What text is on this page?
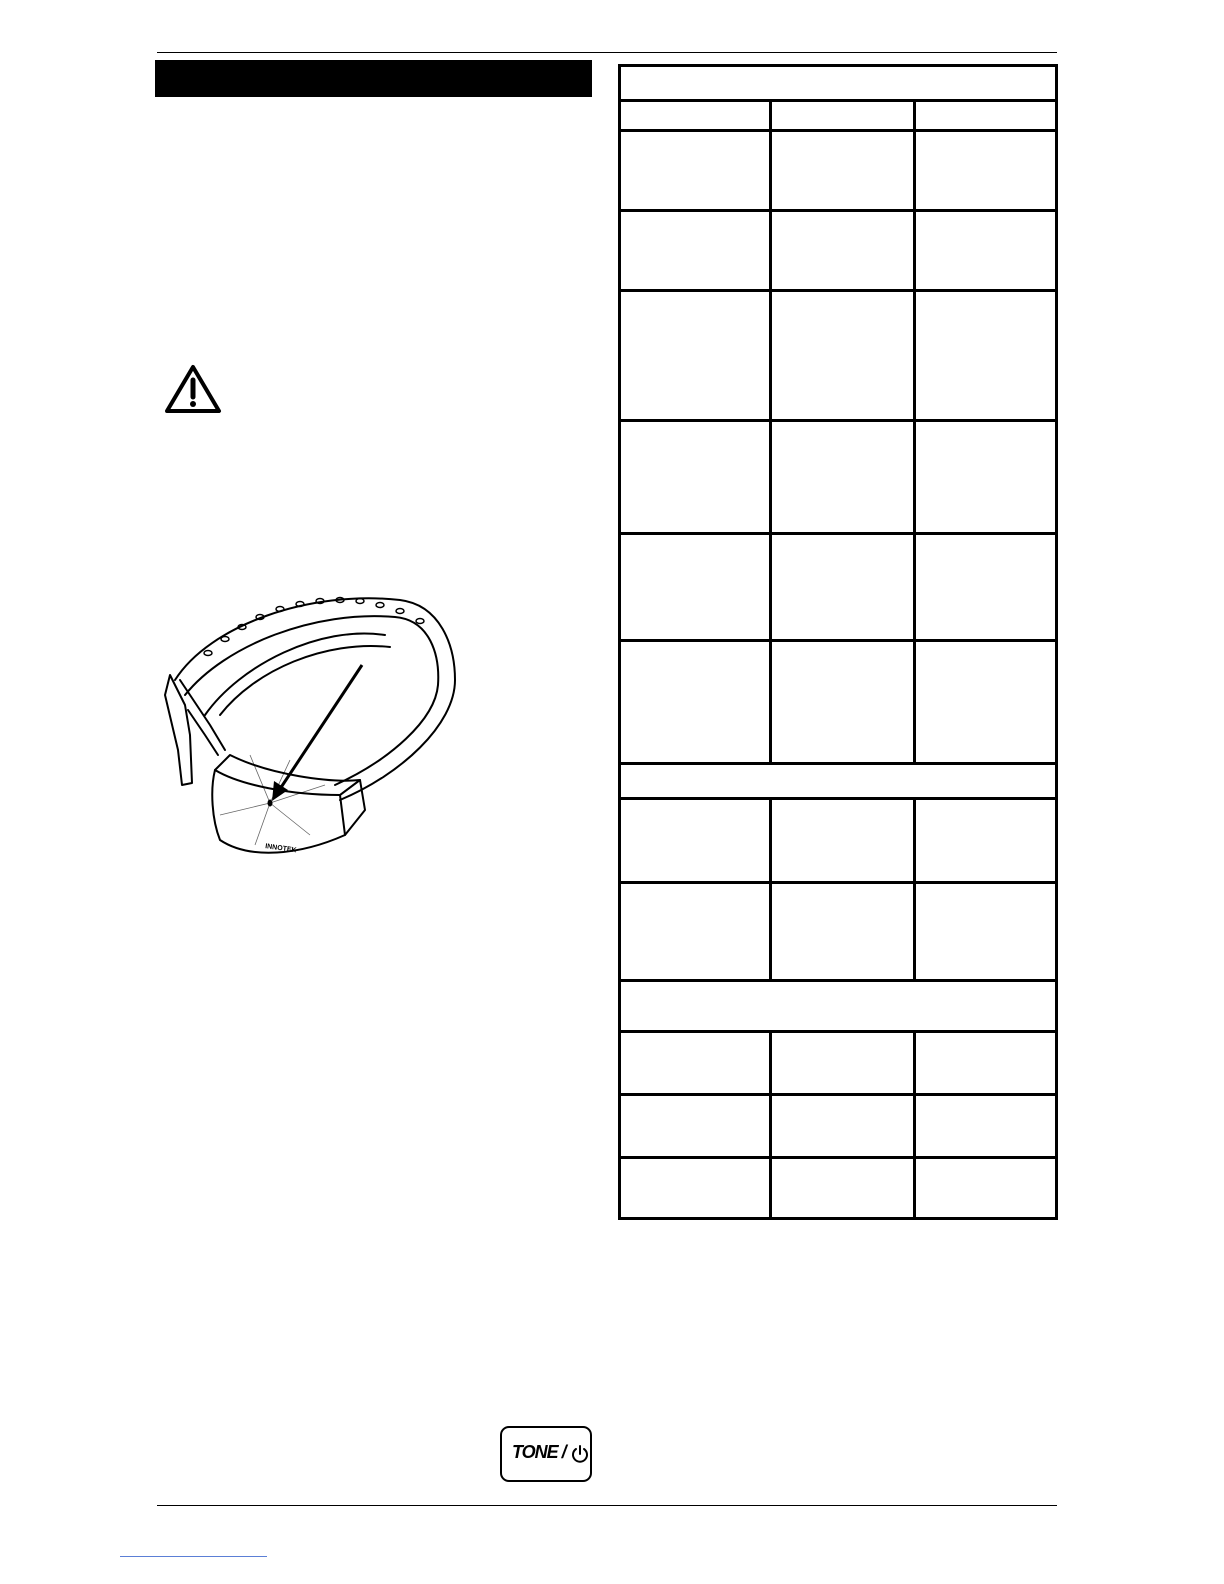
INNOTEK
TONE /
